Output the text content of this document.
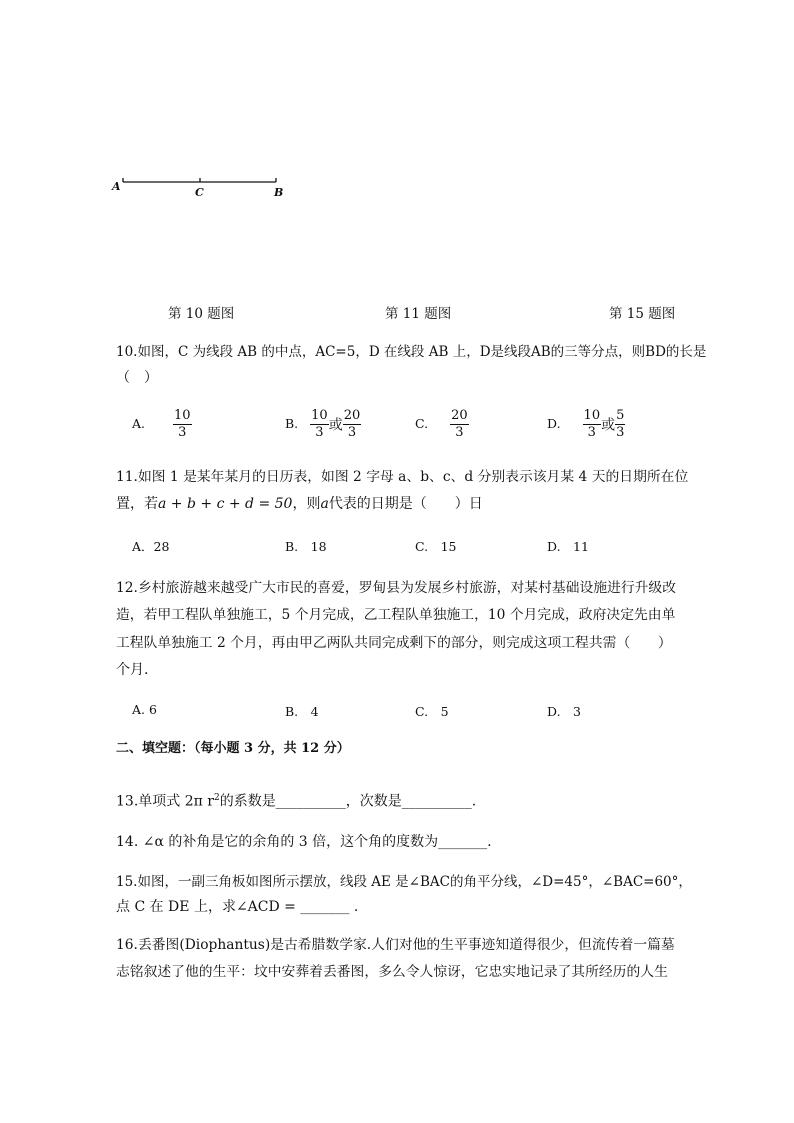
A	C	B
第 10 题图	第 11 题图	第 15 题图
10.如图，C 为线段 AB 的中点，AC=5，D 在线段 AB 上，D是线段AB的三等分点，则BD的长是
（　）
A. $\frac{10}{3}$	B. $\frac{10}{3}$ 或 $\frac{20}{3}$	C. $\frac{20}{3}$	D. $\frac{10}{3}$ 或 $\frac{5}{3}$
11.如图 1 是某年某月的日历表，如图 2 字母 a、b、c、d 分别表示该月某 4 天的日期所在位
置，若a + b + c + d = 50，则a代表的日期是（　　）日
A．28	B.　18	C.　15	D.　11
12.乡村旅游越来越受广大市民的喜爱，罗甸县为发展乡村旅游，对某村基础设施进行升级改
造，若甲工程队单独施工，5 个月完成，乙工程队单独施工，10 个月完成，政府决定先由单
工程队单独施工 2 个月，再由甲乙两队共同完成剩下的部分，则完成这项工程共需（　　）
个月.
A. 6	B.　4	C.　5	D.　3
二、填空题：（每小题 3 分，共 12 分）
13.单项式 2π $r^2$的系数是__________，次数是__________.
14. ∠α 的补角是它的余角的 3 倍，这个角的度数为_______.
15.如图，一副三角板如图所示摆放，线段 AE 是∠BAC的角平分线，∠D=45°，∠BAC=60°，
点 C 在 DE 上，求∠ACD = _______ .
16.丢番图(Diophantus)是古希腊数学家.人们对他的生平事迹知道得很少，但流传着一篇墓
志铭叙述了他的生平：坟中安葬着丢番图，多么令人惊讶，它忠实地记录了其所经历的人生
